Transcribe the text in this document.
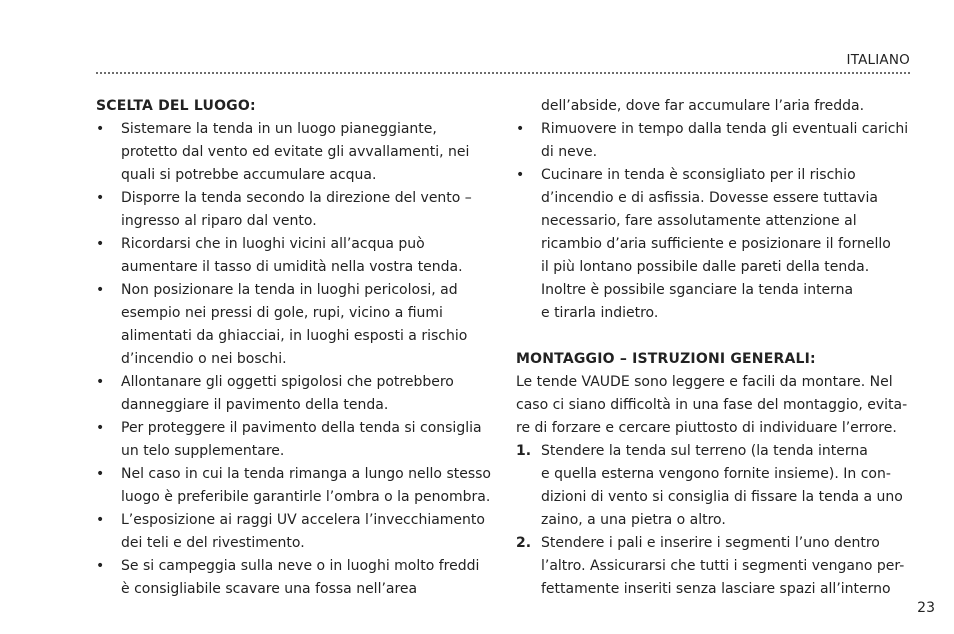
ITALIANO
SCELTA DEL LUOGO:
• Sistemare la tenda in un luogo pianeggiante,
protetto dal vento ed evitate gli avvallamenti, nei
quali si potrebbe accumulare acqua.
• Disporre la tenda secondo la direzione del vento –
ingresso al riparo dal vento.
• Ricordarsi che in luoghi vicini all’acqua può
aumentare il tasso di umidità nella vostra tenda.
• Non posizionare la tenda in luoghi pericolosi, ad
esempio nei pressi di gole, rupi, vicino a fiumi
alimentati da ghiacciai, in luoghi esposti a rischio
d’incendio o nei boschi.
• Allontanare gli oggetti spigolosi che potrebbero
danneggiare il pavimento della tenda.
• Per proteggere il pavimento della tenda si consiglia
un telo supplementare.
• Nel caso in cui la tenda rimanga a lungo nello stesso
luogo è preferibile garantirle l’ombra o la penombra.
• L’esposizione ai raggi UV accelera l’invecchiamento
dei teli e del rivestimento.
• Se si campeggia sulla neve o in luoghi molto freddi
è consigliabile scavare una fossa nell’area
dell’abside, dove far accumulare l’aria fredda.
• Rimuovere in tempo dalla tenda gli eventuali carichi
di neve.
• Cucinare in tenda è sconsigliato per il rischio
d’incendio e di asfissia. Dovesse essere tuttavia
necessario, fare assolutamente attenzione al
ricambio d’aria sufficiente e posizionare il fornello
il più lontano possibile dalle pareti della tenda.
Inoltre è possibile sganciare la tenda interna
e tirarla indietro.
MONTAGGIO – ISTRUZIONI GENERALI:
Le tende VAUDE sono leggere e facili da montare. Nel
caso ci siano difficoltà in una fase del montaggio, evita-
re di forzare e cercare piuttosto di individuare l’errore.
1. Stendere la tenda sul terreno (la tenda interna
e quella esterna vengono fornite insieme). In con-
dizioni di vento si consiglia di fissare la tenda a uno
zaino, a una pietra o altro.
2. Stendere i pali e inserire i segmenti l’uno dentro
l’altro. Assicurarsi che tutti i segmenti vengano per-
fettamente inseriti senza lasciare spazi all’interno
23
